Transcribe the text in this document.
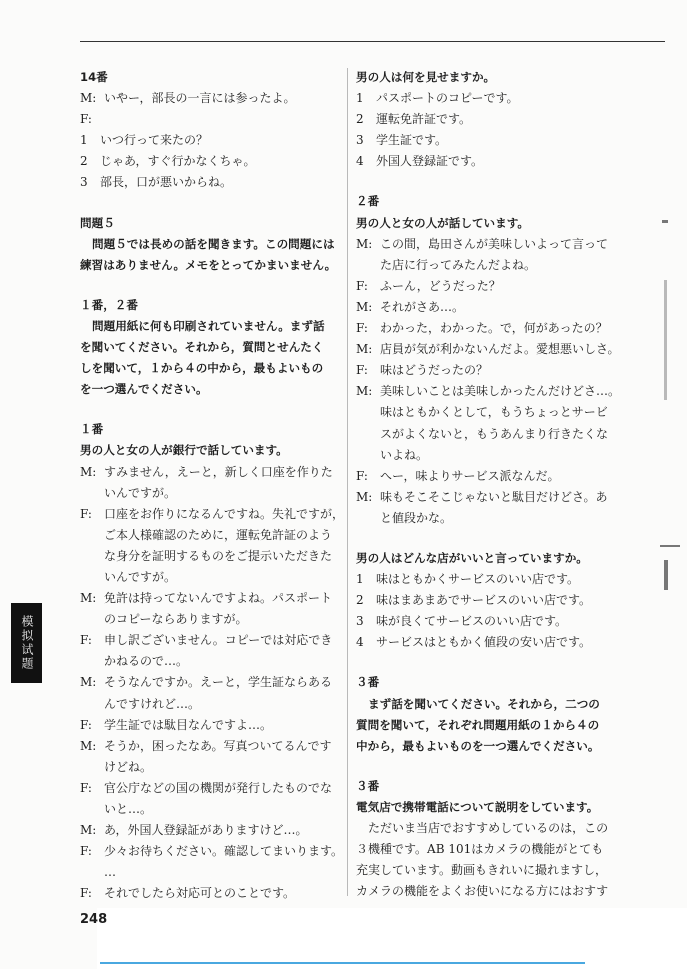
14番
M: いやー，部長の一言には参ったよ。
F:
1 いつ行って来たの？
2 じゃあ，すぐ行かなくちゃ。
3 部長，口が悪いからね。
問題５
問題５では長めの話を聞きます。この問題には
練習はありません。メモをとってかまいません。
１番，２番
問題用紙に何も印刷されていません。まず話
を聞いてください。それから，質問とせんたく
しを聞いて，１から４の中から，最もよいもの
を一つ選んでください。
１番
男の人と女の人が銀行で話しています。
M: すみません，えーと，新しく口座を作りた
いんですが。
F: 口座をお作りになるんですね。失礼ですが，
ご本人様確認のために，運転免許証のよう
な身分を証明するものをご提示いただきた
いんですが。
M: 免許は持ってないんですよね。パスポート
のコピーならありますが。
F: 申し訳ございません。コピーでは対応でき
かねるので…。
M: そうなんですか。えーと，学生証ならある
んですけれど…。
F: 学生証では駄目なんですよ…。
M: そうか，困ったなあ。写真ついてるんです
けどね。
F: 官公庁などの国の機関が発行したものでな
いと…。
M: あ，外国人登録証がありますけど…。
F: 少々お待ちください。確認してまいります。
…
F: それでしたら対応可とのことです。
男の人は何を見せますか。
1 パスポートのコピーです。
2 運転免許証です。
3 学生証です。
4 外国人登録証です。
２番
男の人と女の人が話しています。
M: この間，島田さんが美味しいよって言って
た店に行ってみたんだよね。
F: ふーん，どうだった？
M: それがさあ…。
F: わかった，わかった。で，何があったの？
M: 店員が気が利かないんだよ。愛想悪いしさ。
F: 味はどうだったの？
M: 美味しいことは美味しかったんだけどさ…。
味はともかくとして，もうちょっとサービ
スがよくないと，もうあんまり行きたくな
いよね。
F: へー，味よりサービス派なんだ。
M: 味もそこそこじゃないと駄目だけどさ。あ
と値段かな。
男の人はどんな店がいいと言っていますか。
1 味はともかくサービスのいい店です。
2 味はまあまあでサービスのいい店です。
3 味が良くてサービスのいい店です。
4 サービスはともかく値段の安い店です。
３番
まず話を聞いてください。それから，二つの
質問を聞いて，それぞれ問題用紙の１から４の
中から，最もよいものを一つ選んでください。
３番
電気店で携帯電話について説明をしています。
ただいま当店でおすすめしているのは，この
３機種です。AB 101はカメラの機能がとても
充実しています。動画もきれいに撮れますし，
カメラの機能をよくお使いになる方にはおすす
模拟试题
248
